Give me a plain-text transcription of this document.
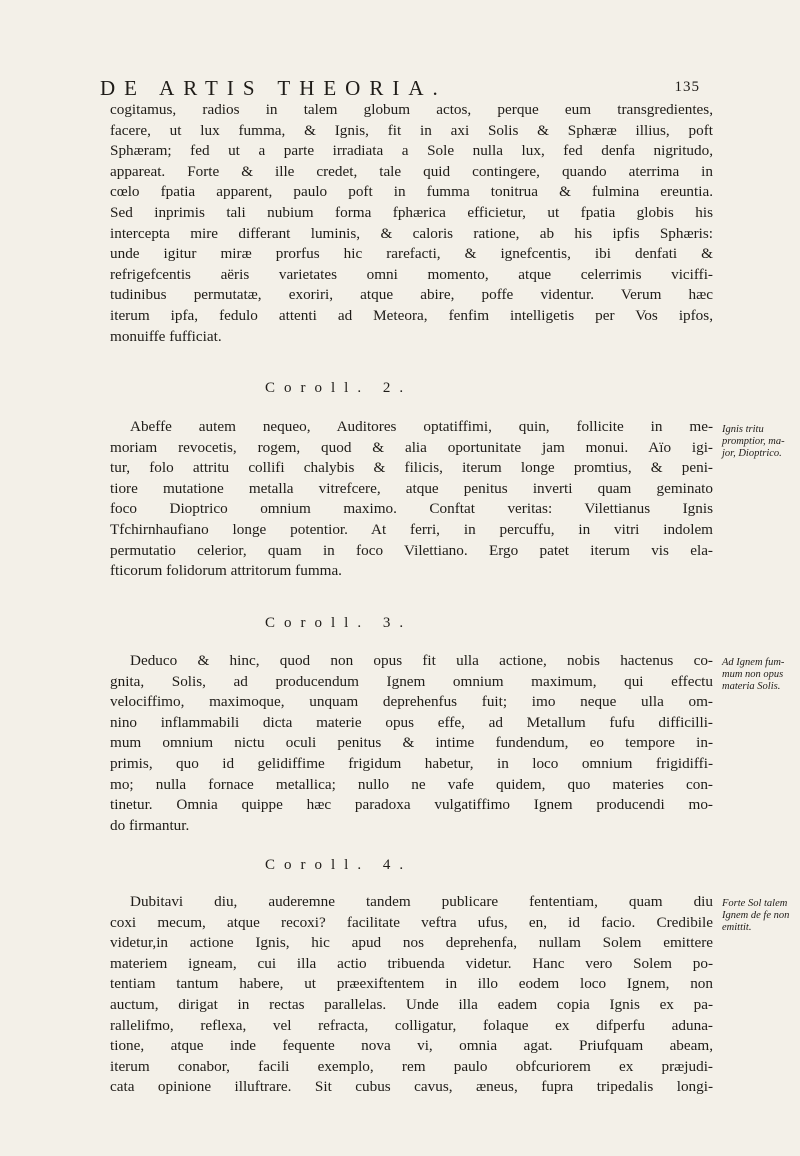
DE ARTIS THEORIA.	135
cogitamus, radios in talem globum actos, perque eum transgredientes,
facere, ut lux fumma, & Ignis, fit in axi Solis & Sphæræ illius, poft
Sphæram; fed ut a parte irradiata a Sole nulla lux, fed denfa nigritudo,
appareat. Forte & ille credet, tale quid contingere, quando aterrima in
cœlo fpatia apparent, paulo poft in fumma tonitrua & fulmina ereuntia.
Sed inprimis tali nubium forma fphærica efficietur, ut fpatia globis his
intercepta mire differant luminis, & caloris ratione, ab his ipfis Sphæris:
unde igitur miræ prorfus hic rarefacti, & ignefcentis, ibi denfati &
refrigefcentis aëris varietates omni momento, atque celerrimis viciffi-
tudinibus permutatæ, exoriri, atque abire, poffe videntur. Verum hæc
iterum ipfa, fedulo attenti ad Meteora, fenfim intelligetis per Vos ipfos,
monuiffe fufficiat.
Coroll. 2.
Abeffe autem nequeo, Auditores optatiffimi, quin, follicite in me-
moriam revocetis, rogem, quod & alia oportunitate jam monui. Aïo igi-
tur, folo attritu collifi chalybis & filicis, iterum longe promtius, & peni-
tiore mutatione metalla vitrefcere, atque penitus inverti quam geminato
foco Dioptrico omnium maximo. Conftat veritas: Vilettianus Ignis
Tfchirnhaufiano longe potentior. At ferri, in percuffu, in vitri indolem
permutatio celerior, quam in foco Vilettiano. Ergo patet iterum vis ela-
fticorum folidorum attritorum fumma.
Ignis tritu
promptior, ma-
jor, Dioptrico.
Coroll. 3.
Deduco & hinc, quod non opus fit ulla actione, nobis hactenus co-
gnita, Solis, ad producendum Ignem omnium maximum, qui effectu
velociffimo, maximoque, unquam deprehenfus fuit; imo neque ulla om-
nino inflammabili dicta materie opus effe, ad Metallum fufu difficilli-
mum omnium nictu oculi penitus & intime fundendum, eo tempore in-
primis, quo id gelidiffime frigidum habetur, in loco omnium frigidiffi-
mo; nulla fornace metallica; nullo ne vafe quidem, quo materies con-
tinetur. Omnia quippe hæc paradoxa vulgatiffimo Ignem producendi mo-
do firmantur.
Ad Ignem fum-
mum non opus
materia Solis.
Coroll. 4.
Dubitavi diu, auderemne tandem publicare fententiam, quam diu
coxi mecum, atque recoxi? facilitate veftra ufus, en, id facio. Credibile
videtur,in actione Ignis, hic apud nos deprehenfa, nullam Solem emittere
materiem igneam, cui illa actio tribuenda videtur. Hanc vero Solem po-
tentiam tantum habere, ut præexiftentem in illo eodem loco Ignem, non
auctum, dirigat in rectas parallelas. Unde illa eadem copia Ignis ex pa-
rallelifmo, reflexa, vel refracta, colligatur, folaque ex difperfu aduna-
tione, atque inde fequente nova vi, omnia agat. Priufquam abeam,
iterum conabor, facili exemplo, rem paulo obfcuriorem ex præjudi-
cata opinione illuftrare. Sit cubus cavus, æneus, fupra tripedalis longi-
Forte Sol talem
Ignem de fe non
emittit.
